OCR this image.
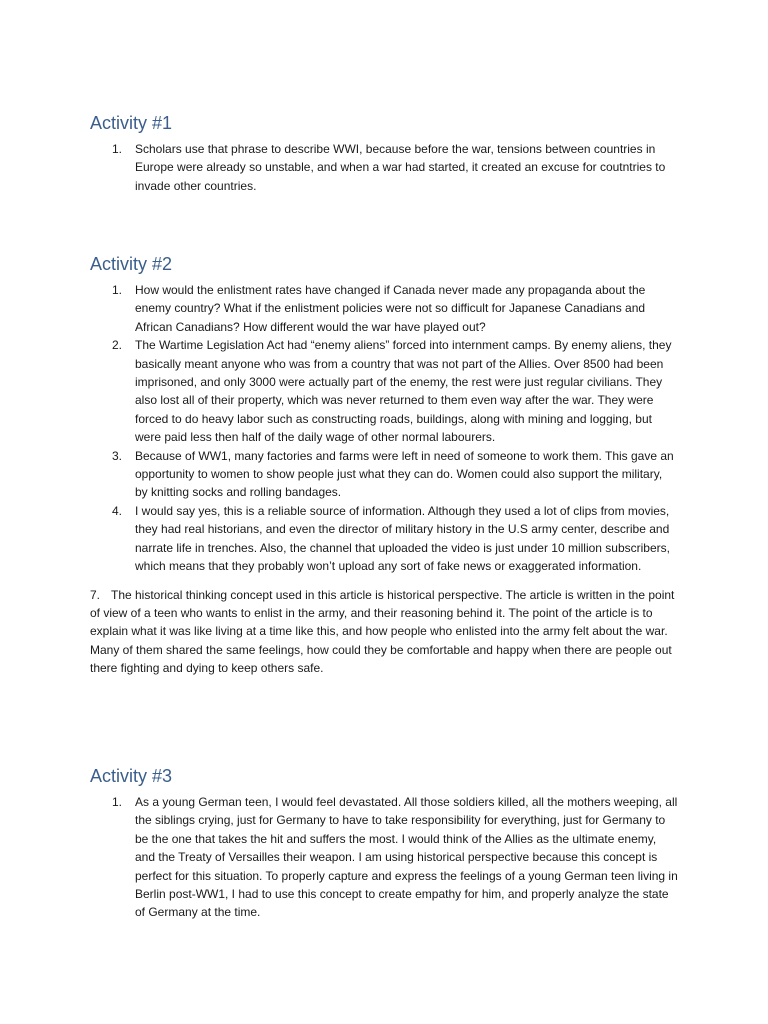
Activity #1
1. Scholars use that phrase to describe WWI, because before the war, tensions between countries in Europe were already so unstable, and when a war had started, it created an excuse for coutntries to invade other countries.
Activity #2
1. How would the enlistment rates have changed if Canada never made any propaganda about the enemy country? What if the enlistment policies were not so difficult for Japanese Canadians and African Canadians? How different would the war have played out?
2. The Wartime Legislation Act had “enemy aliens” forced into internment camps. By enemy aliens, they basically meant anyone who was from a country that was not part of the Allies. Over 8500 had been imprisoned, and only 3000 were actually part of the enemy, the rest were just regular civilians. They also lost all of their property, which was never returned to them even way after the war. They were forced to do heavy labor such as constructing roads, buildings, along with mining and logging, but were paid less then half of the daily wage of other normal labourers.
3. Because of WW1, many factories and farms were left in need of someone to work them. This gave an opportunity to women to show people just what they can do. Women could also support the military, by knitting socks and rolling bandages.
4. I would say yes, this is a reliable source of information. Although they used a lot of clips from movies, they had real historians, and even the director of military history in the U.S army center, describe and narrate life in trenches. Also, the channel that uploaded the video is just under 10 million subscribers, which means that they probably won’t upload any sort of fake news or exaggerated information.

7. The historical thinking concept used in this article is historical perspective. The article is written in the point of view of a teen who wants to enlist in the army, and their reasoning behind it. The point of the article is to explain what it was like living at a time like this, and how people who enlisted into the army felt about the war. Many of them shared the same feelings, how could they be comfortable and happy when there are people out there fighting and dying to keep others safe.

Activity #3
1. As a young German teen, I would feel devastated. All those soldiers killed, all the mothers weeping, all the siblings crying, just for Germany to have to take responsibility for everything, just for Germany to be the one that takes the hit and suffers the most. I would think of the Allies as the ultimate enemy, and the Treaty of Versailles their weapon. I am using historical perspective because this concept is perfect for this situation. To properly capture and express the feelings of a young German teen living in Berlin post-WW1, I had to use this concept to create empathy for him, and properly analyze the state of Germany at the time.
